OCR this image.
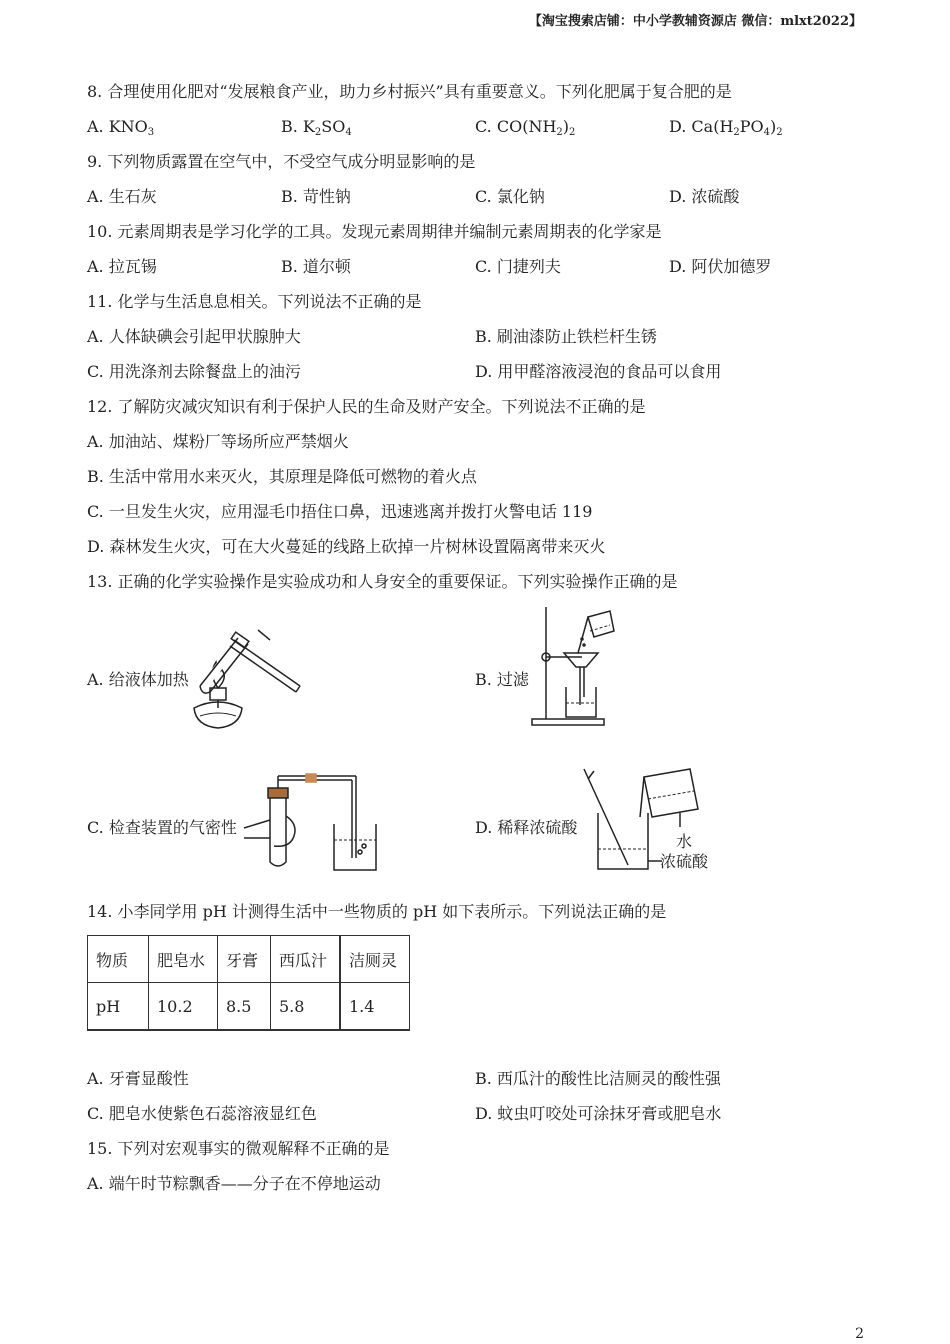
【淘宝搜索店铺：中小学教辅资源店 微信：mlxt2022】
8. 合理使用化肥对“发展粮食产业，助力乡村振兴”具有重要意义。下列化肥属于复合肥的是
A. $KNO_3$	B. $K_2SO_4$	C. $CO(NH_2)_2$	D. $Ca(H_2PO_4)_2$
9. 下列物质露置在空气中，不受空气成分明显影响的是
A. 生石灰	B. 苛性钠	C. 氯化钠	D. 浓硫酸
10. 元素周期表是学习化学的工具。发现元素周期律并编制元素周期表的化学家是
A. 拉瓦锡	B. 道尔顿	C. 门捷列夫	D. 阿伏加德罗
11. 化学与生活息息相关。下列说法不正确的是
A. 人体缺碘会引起甲状腺肿大	B. 刷油漆防止铁栏杆生锈
C. 用洗涤剂去除餐盘上的油污	D. 用甲醛溶液浸泡的食品可以食用
12. 了解防灾减灾知识有利于保护人民的生命及财产安全。下列说法不正确的是
A. 加油站、煤粉厂等场所应严禁烟火
B. 生活中常用水来灭火，其原理是降低可燃物的着火点
C. 一旦发生火灾，应用湿毛巾捂住口鼻，迅速逃离并拨打火警电话 119
D. 森林发生火灾，可在大火蔓延的线路上砍掉一片树林设置隔离带来灭火
13. 正确的化学实验操作是实验成功和人身安全的重要保证。下列实验操作正确的是
A. 给液体加热	B. 过滤
C. 检查装置的气密性	D. 稀释浓硫酸
水
浓硫酸
14. 小李同学用 pH 计测得生活中一些物质的 pH 如下表所示。下列说法正确的是
物质	肥皂水	牙膏	西瓜汁	洁厕灵
pH	10.2	8.5	5.8	1.4
A. 牙膏显酸性	B. 西瓜汁的酸性比洁厕灵的酸性强
C. 肥皂水使紫色石蕊溶液显红色	D. 蚊虫叮咬处可涂抹牙膏或肥皂水
15. 下列对宏观事实的微观解释不正确的是
A. 端午时节粽飘香——分子在不停地运动
2
